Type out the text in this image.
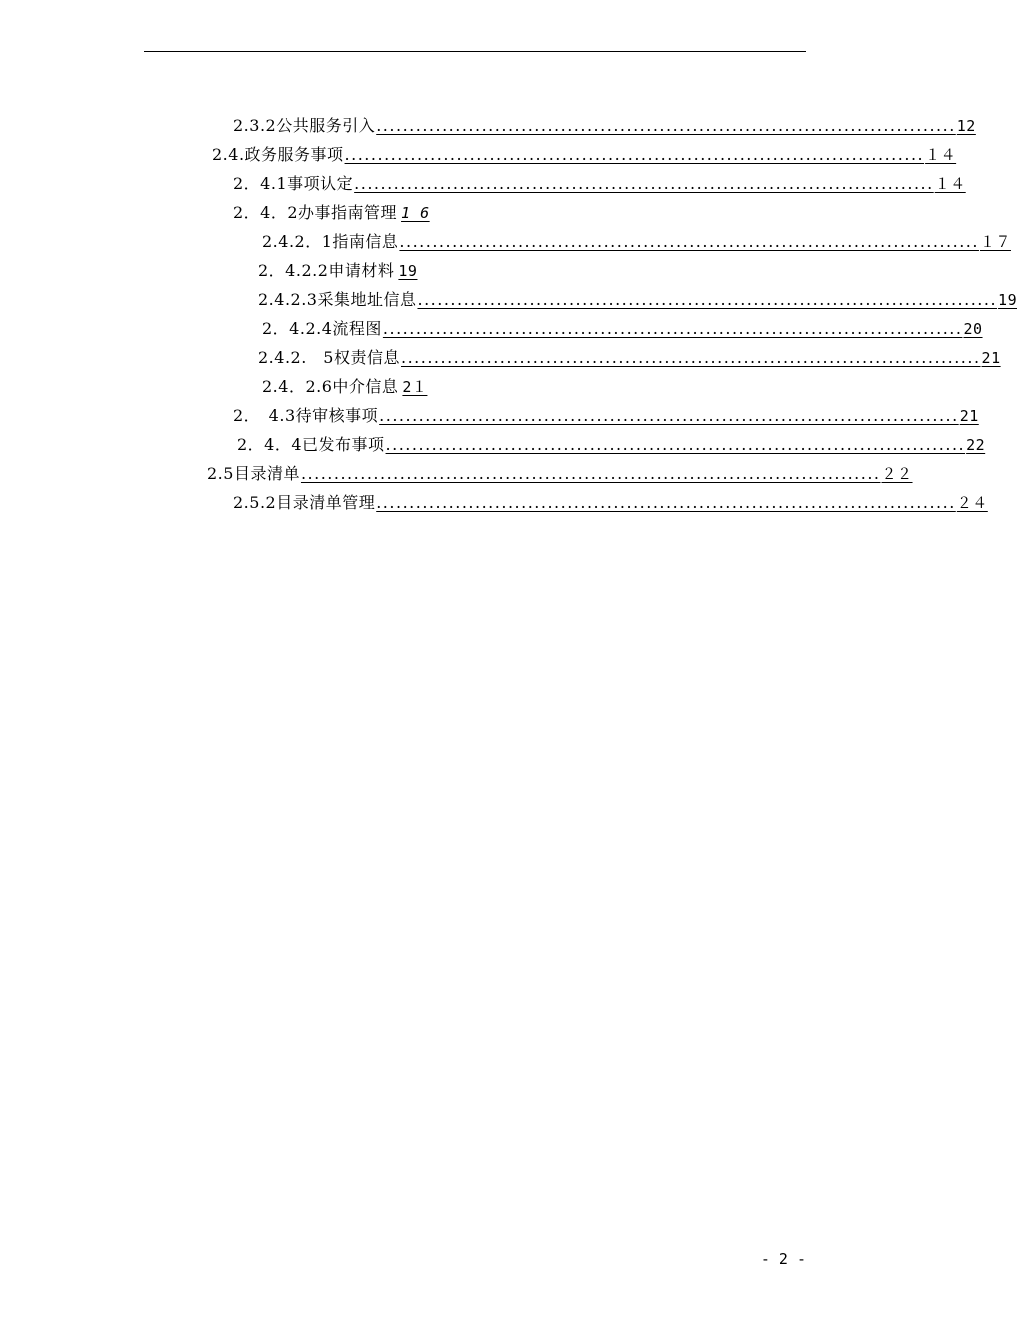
2.3.2公共服务引入 ........................................................................................ 12
2.4.政务服务事项 ........................................................................................ １４
2．4.1事项认定 ........................................................................................ １４
2．4．2办事指南管理 1 6
2.4.2．1指南信息 ........................................................................................ １７
2．4.2.2申请材料 19
2.4.2.3采集地址信息 ........................................................................................ 19
2．4.2.4流程图 ........................................................................................ 20
2.4.2.　5权责信息 ........................................................................................ 21
2.4．2.6中介信息 2１
2．　4.3待审核事项 ........................................................................................ 21
2．4．4已发布事项 ........................................................................................ 22
2.5目录清单 ........................................................................................ ２２
2.5.2目录清单管理 ........................................................................................ ２４
- 2 -
